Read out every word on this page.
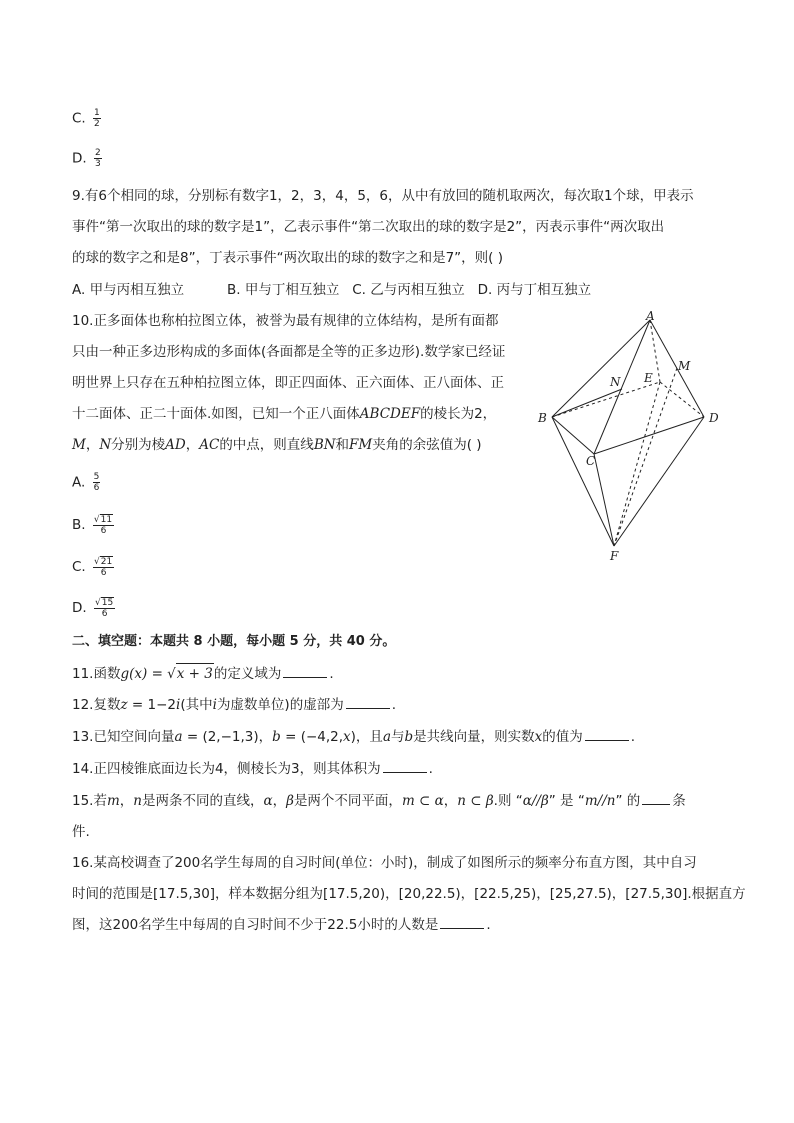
C. $\frac{1}{2}$
D. $\frac{2}{3}$
9.有6个相同的球，分别标有数字1，2，3，4，5，6，从中有放回的随机取两次，每次取1个球，甲表示
事件“第一次取出的球的数字是1”，乙表示事件“第二次取出的球的数字是2”，丙表示事件“两次取出
的球的数字之和是8”，丁表示事件“两次取出的球的数字之和是7”，则( )
A. 甲与丙相互独立          B. 甲与丁相互独立   C. 乙与丙相互独立   D. 丙与丁相互独立
10.正多面体也称柏拉图立体，被誉为最有规律的立体结构，是所有面都
只由一种正多边形构成的多面体(各面都是全等的正多边形).数学家已经证
明世界上只存在五种柏拉图立体，即正四面体、正六面体、正八面体、正
十二面体、正二十面体.如图，已知一个正八面体ABCDEF的棱长为2，
M，N分别为棱AD，AC的中点，则直线BN和FM夹角的余弦值为( )
A. $\frac{5}{6}$
B. $\frac{√11}{6}$
C. $\frac{√21}{6}$
D. $\frac{√15}{6}$
A
B
C
D
E
F
M
N
二、填空题：本题共 8 小题，每小题 5 分，共 40 分。
11.函数g(x) = √x + 3的定义域为	.
12.复数z = 1−2i(其中i为虚数单位)的虚部为	.
13.已知空间向量a = (2,−1,3)，b = (−4,2,x)，且a与b是共线向量，则实数x的值为	.
14.正四棱锥底面边长为4，侧棱长为3，则其体积为	.
15.若m，n是两条不同的直线，α，β是两个不同平面，m ⊂ α，n ⊂ β.则 “α//β” 是 “m//n” 的 条
件.
16.某高校调查了200名学生每周的自习时间(单位：小时)，制成了如图所示的频率分布直方图，其中自习
时间的范围是[17.5,30]，样本数据分组为[17.5,20)，[20,22.5)，[22.5,25)，[25,27.5)，[27.5,30].根据直方
图，这200名学生中每周的自习时间不少于22.5小时的人数是	.
